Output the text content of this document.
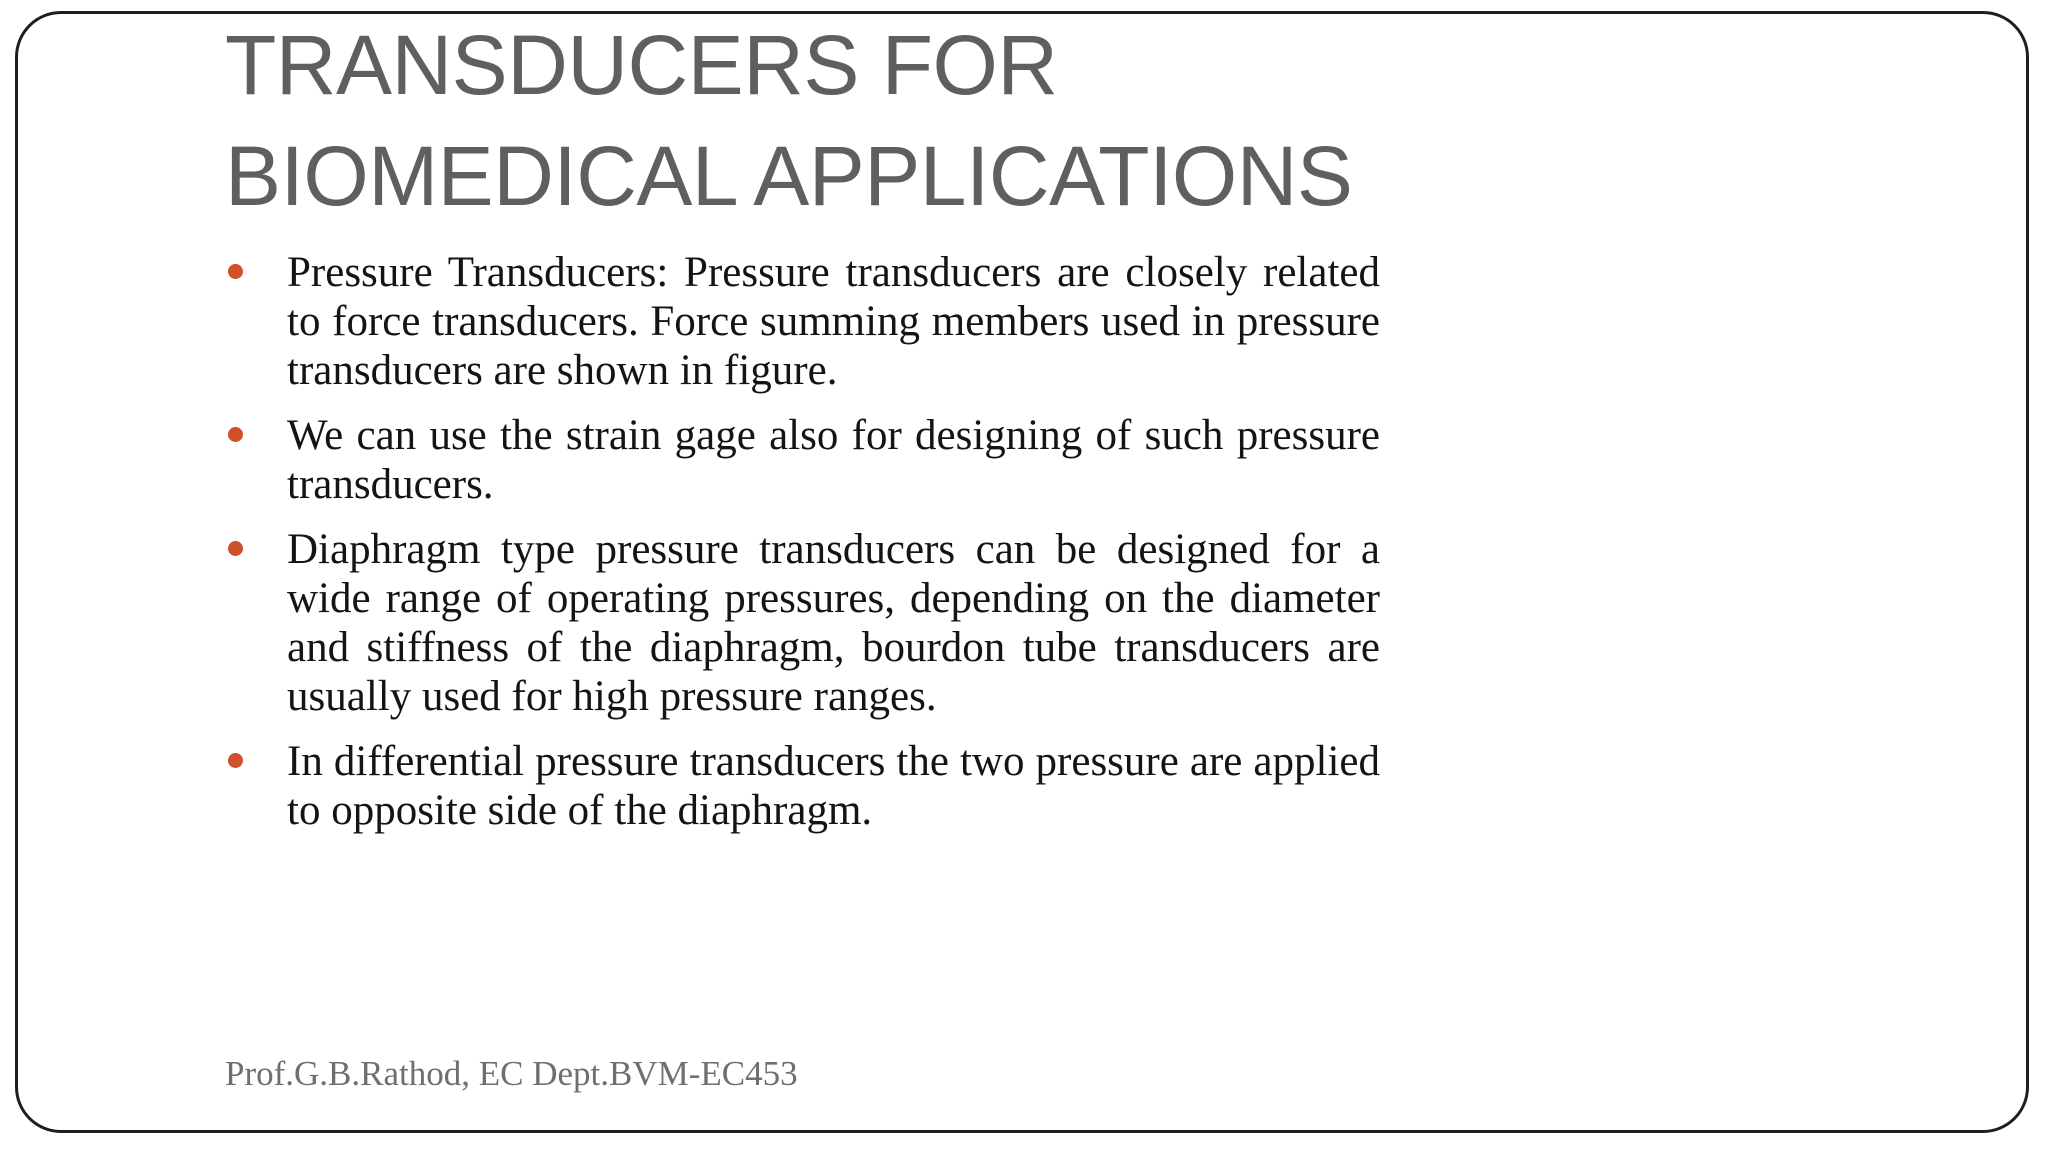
TRANSDUCERS FOR BIOMEDICAL APPLICATIONS
Pressure Transducers: Pressure transducers are closely related to force transducers. Force summing members used in pressure transducers are shown in figure.
We can use the strain gage also for designing of such pressure transducers.
Diaphragm type pressure transducers can be designed for a wide range of operating pressures, depending on the diameter and stiffness of the diaphragm, bourdon tube transducers are usually used for high pressure ranges.
In differential pressure transducers the two pressure are applied to opposite side of the diaphragm.

Prof.G.B.Rathod, EC Dept.BVM-EC453
